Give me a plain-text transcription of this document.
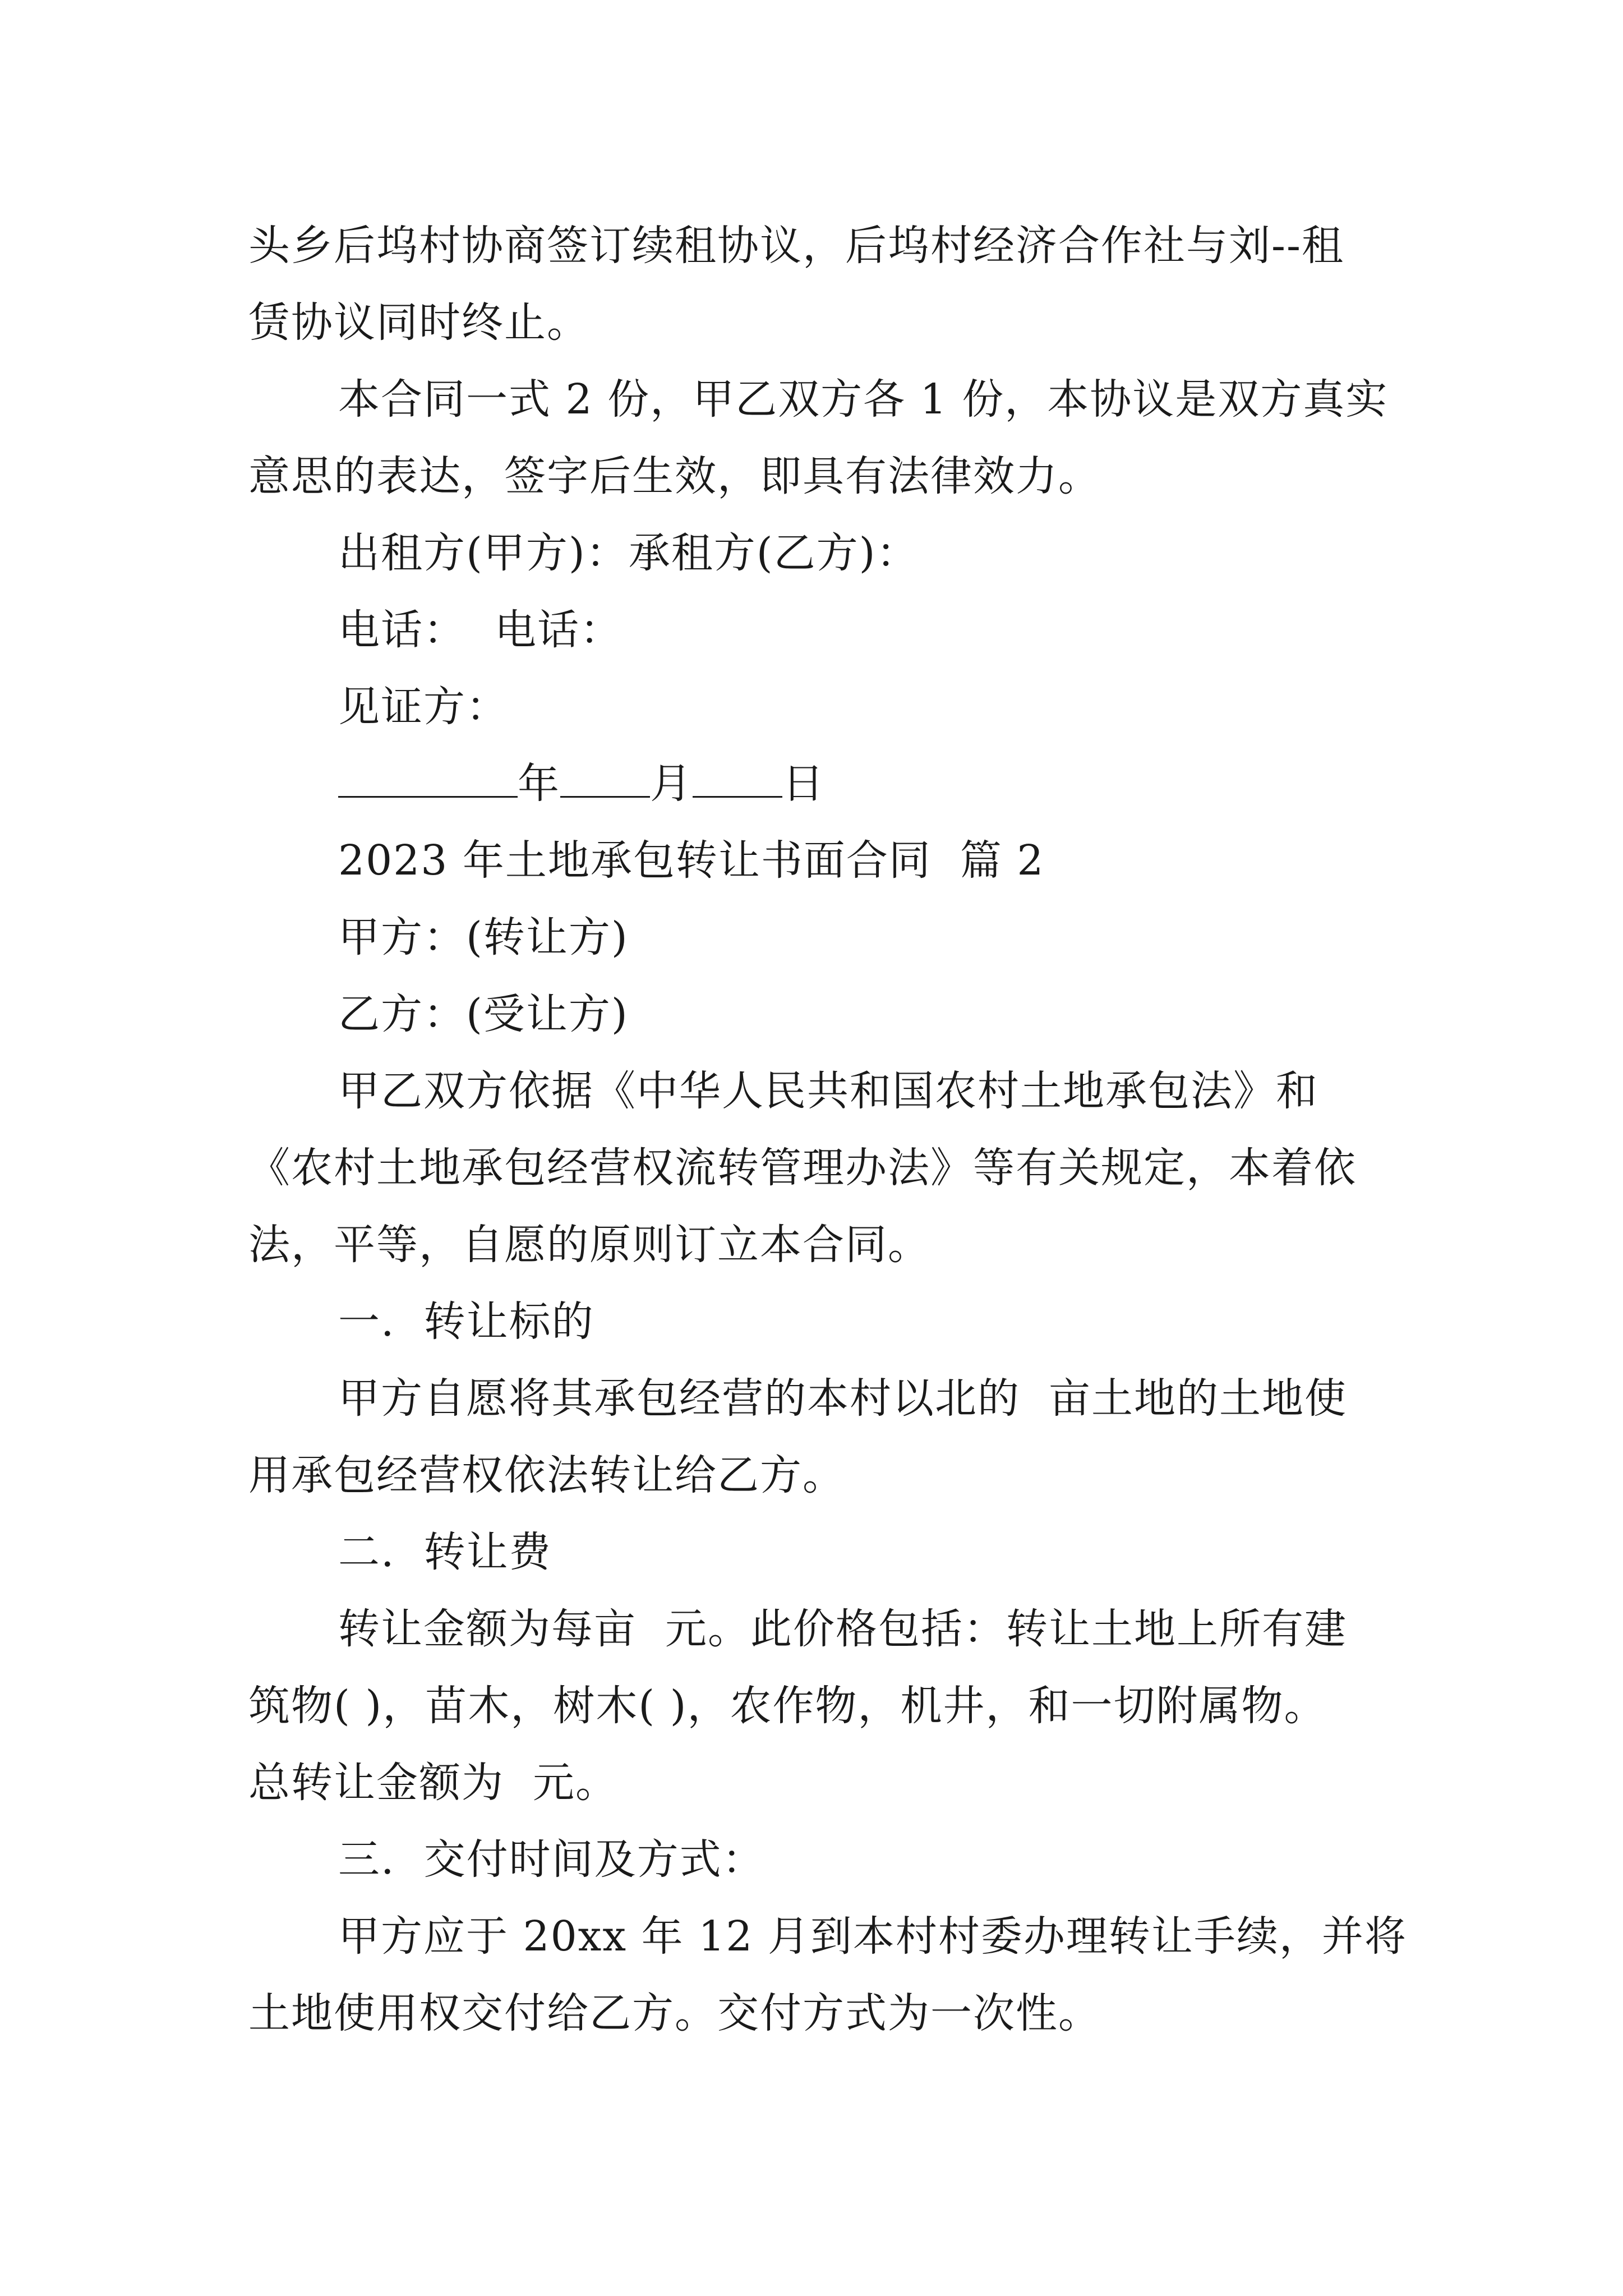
头乡后坞村协商签订续租协议，后坞村经济合作社与刘--租
赁协议同时终止。
本合同一式 2 份，甲乙双方各 1 份，本协议是双方真实
意思的表达，签字后生效，即具有法律效力。
出租方(甲方)：承租方(乙方)：
电话：  电话：
见证方：
年 月 日
2023 年土地承包转让书面合同  篇 2
甲方：(转让方)
乙方：(受让方)
甲乙双方依据《中华人民共和国农村土地承包法》和
《农村土地承包经营权流转管理办法》等有关规定，本着依
法，平等，自愿的原则订立本合同。
一.  转让标的
甲方自愿将其承包经营的本村以北的  亩土地的土地使
用承包经营权依法转让给乙方。
二.  转让费
转让金额为每亩  元。此价格包括：转让土地上所有建
筑物( )，苗木，树木( )，农作物，机井，和一切附属物。
总转让金额为  元。
三.  交付时间及方式：
甲方应于 20xx 年 12 月到本村村委办理转让手续，并将
土地使用权交付给乙方。交付方式为一次性。
